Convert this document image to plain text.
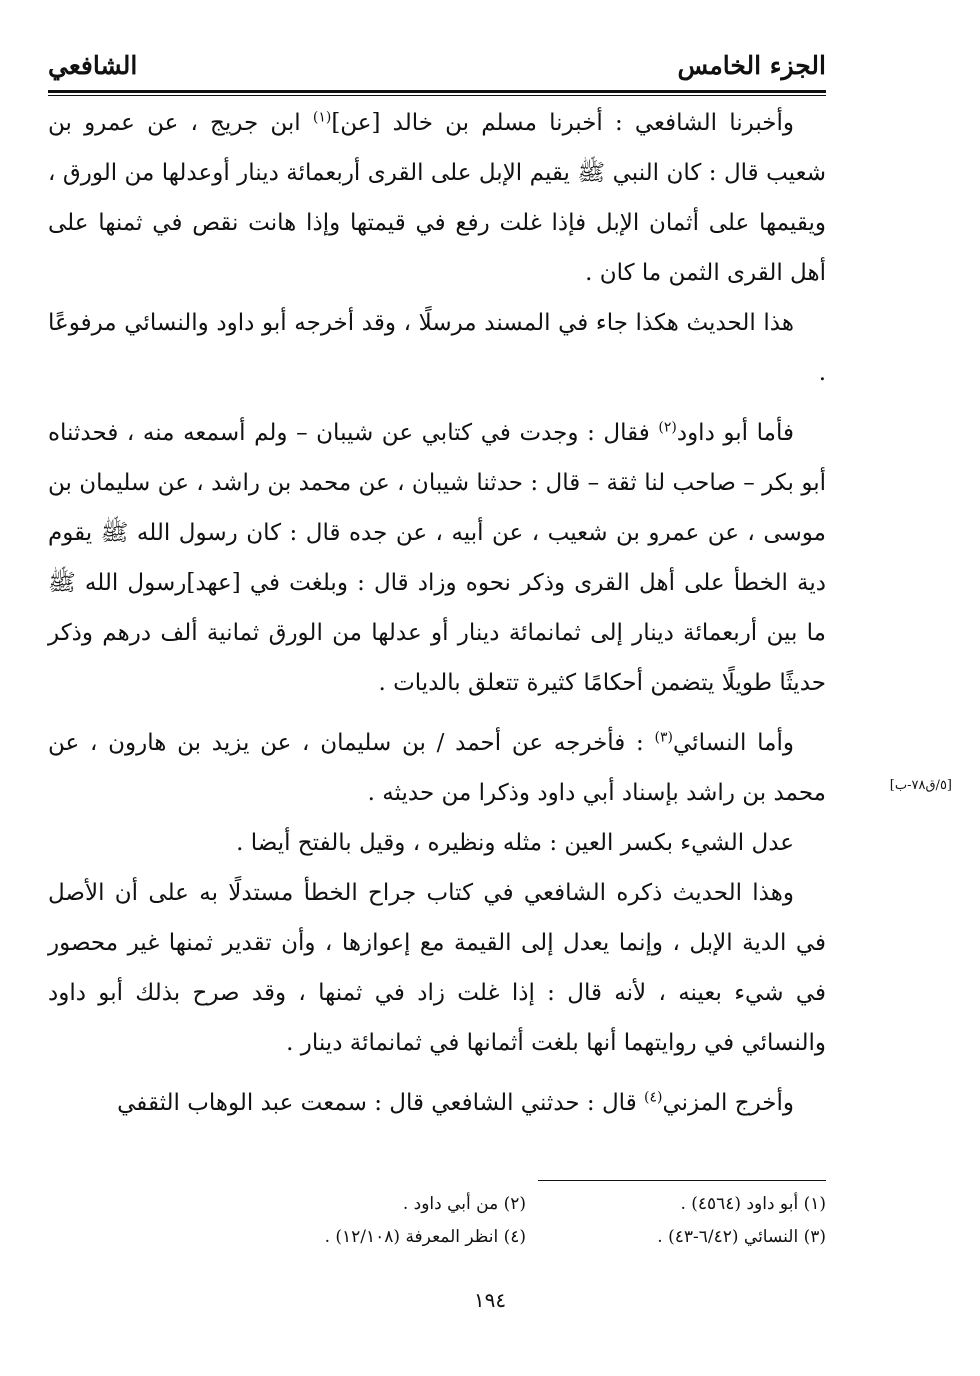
الشافعي	الجزء الخامس

وأخبرنا الشافعي : أخبرنا مسلم بن خالد [عن]$^{(١)}$ ابن جريج ، عن عمرو بن شعيب قال : كان النبي ﷺ يقيم الإبل على القرى أربعمائة دينار أوعدلها من الورق ، ويقيمها على أثمان الإبل فإذا غلت رفع في قيمتها وإذا هانت نقص في ثمنها على أهل القرى الثمن ما كان .

هذا الحديث هكذا جاء في المسند مرسلًا ، وقد أخرجه أبو داود والنسائي مرفوعًا .

فأما أبو داود$^{(٢)}$ فقال : وجدت في كتابي عن شيبان – ولم أسمعه منه ، فحدثناه أبو بكر – صاحب لنا ثقة – قال : حدثنا شيبان ، عن محمد بن راشد ، عن سليمان بن موسى ، عن عمرو بن شعيب ، عن أبيه ، عن جده قال : كان رسول الله ﷺ يقوم دية الخطأ على أهل القرى وذكر نحوه وزاد قال : وبلغت في [عهد]رسول الله ﷺ ما بين أربعمائة دينار إلى ثمانمائة دينار أو عدلها من الورق ثمانية ألف درهم وذكر حديثًا طويلًا يتضمن أحكامًا كثيرة تتعلق بالديات .

وأما النسائي$^{(٣)}$ : فأخرجه عن أحمد / بن سليمان ، عن يزيد بن هارون ، عن محمد بن راشد بإسناد أبي داود وذكرا من حديثه .

عدل الشيء بكسر العين : مثله ونظيره ، وقيل بالفتح أيضا .

وهذا الحديث ذكره الشافعي في كتاب جراح الخطأ مستدلًا به على أن الأصل في الدية الإبل ، وإنما يعدل إلى القيمة مع إعوازها ، وأن تقدير ثمنها غير محصور في شيء بعينه ، لأنه قال : إذا غلت زاد في ثمنها ، وقد صرح بذلك أبو داود والنسائي في روايتهما أنها بلغت أثمانها في ثمانمائة دينار .

وأخرج المزني$^{(٤)}$ قال : حدثني الشافعي قال : سمعت عبد الوهاب الثقفي

[٥/ق٧٨-ب]
(١) أبو داود (٤٥٦٤) .
(٢) من أبي داود .
(٣) النسائي (٦/٤٢-٤٣) .
(٤) انظر المعرفة (١٢/١٠٨) .
١٩٤
